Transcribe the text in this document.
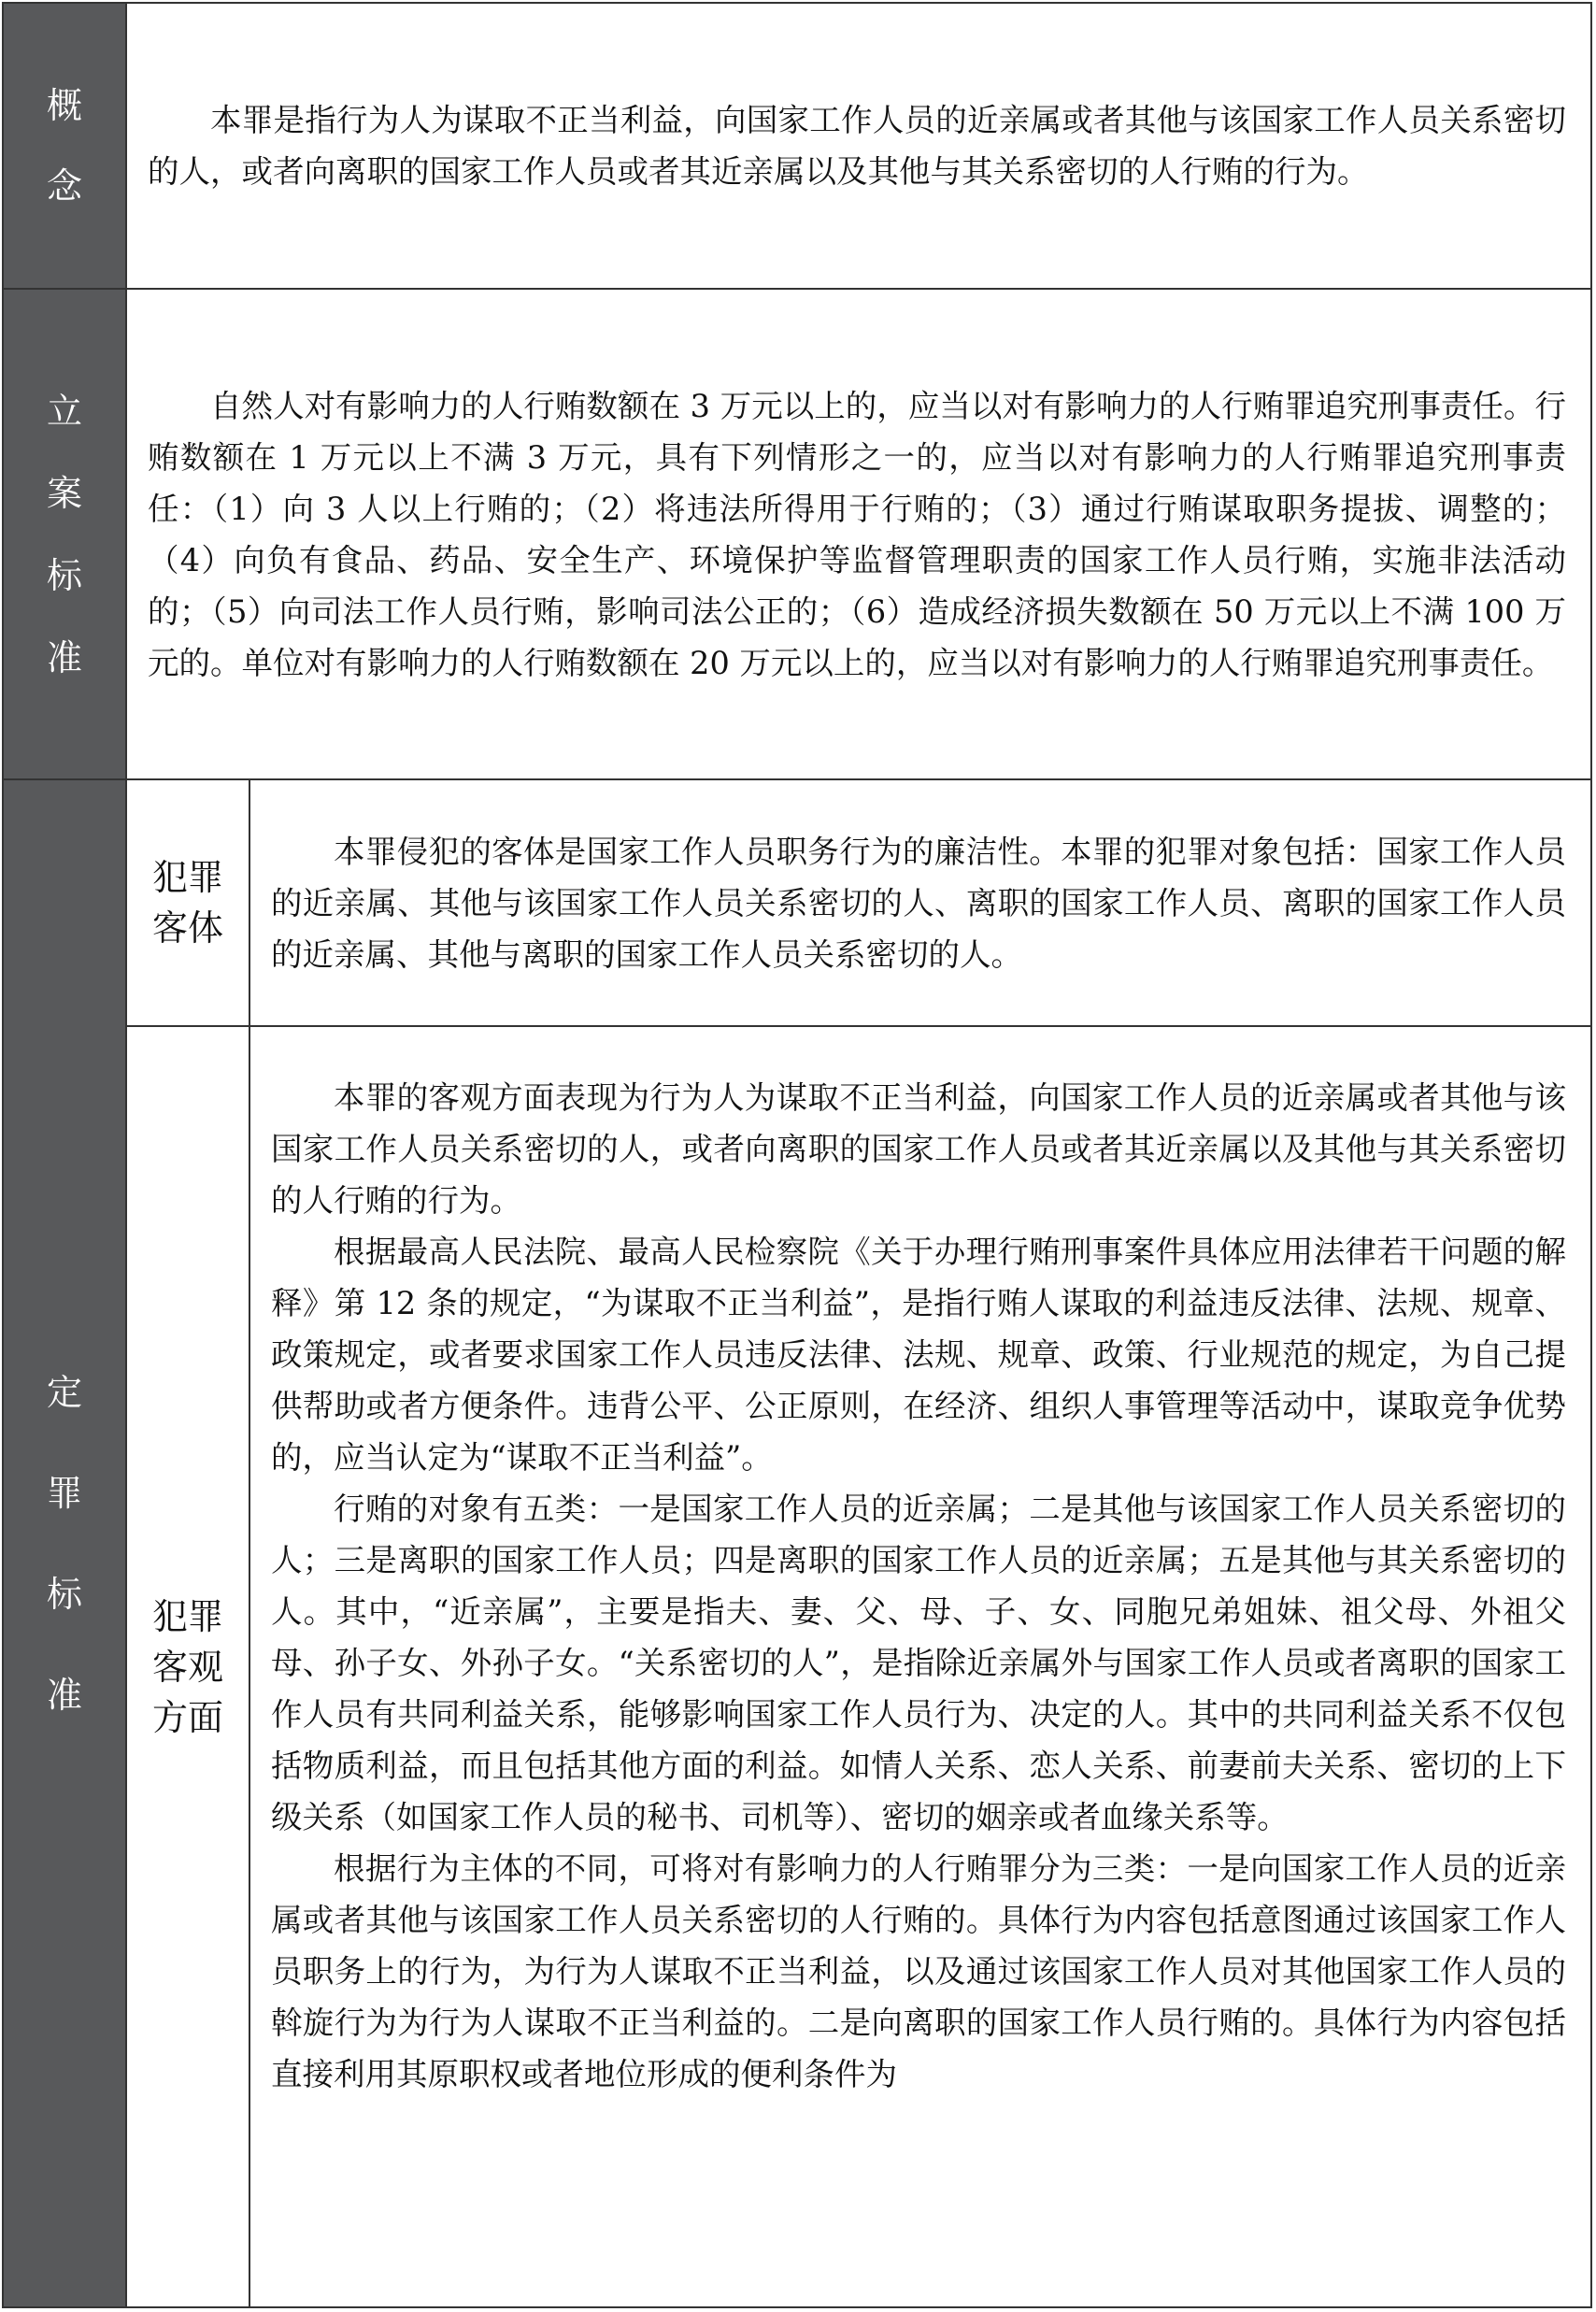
概
念

本罪是指行为人为谋取不正当利益，向国家工作人员的近亲属或者其他与该国家工作人员关系密切的人，或者向离职的国家工作人员或者其近亲属以及其他与其关系密切的人行贿的行为。

立
案
标
准

自然人对有影响力的人行贿数额在 3 万元以上的，应当以对有影响力的人行贿罪追究刑事责任。行贿数额在 1 万元以上不满 3 万元，具有下列情形之一的，应当以对有影响力的人行贿罪追究刑事责任：（1）向 3 人以上行贿的；（2）将违法所得用于行贿的；（3）通过行贿谋取职务提拔、调整的；（4）向负有食品、药品、安全生产、环境保护等监督管理职责的国家工作人员行贿，实施非法活动的；（5）向司法工作人员行贿，影响司法公正的；（6）造成经济损失数额在 50 万元以上不满 100 万元的。单位对有影响力的人行贿数额在 20 万元以上的，应当以对有影响力的人行贿罪追究刑事责任。

定
罪
标
准
犯罪
客体

本罪侵犯的客体是国家工作人员职务行为的廉洁性。本罪的犯罪对象包括：国家工作人员的近亲属、其他与该国家工作人员关系密切的人、离职的国家工作人员、离职的国家工作人员的近亲属、其他与离职的国家工作人员关系密切的人。

犯罪
客观
方面

本罪的客观方面表现为行为人为谋取不正当利益，向国家工作人员的近亲属或者其他与该国家工作人员关系密切的人，或者向离职的国家工作人员或者其近亲属以及其他与其关系密切的人行贿的行为。

根据最高人民法院、最高人民检察院《关于办理行贿刑事案件具体应用法律若干问题的解释》第 12 条的规定，“为谋取不正当利益”，是指行贿人谋取的利益违反法律、法规、规章、政策规定，或者要求国家工作人员违反法律、法规、规章、政策、行业规范的规定，为自己提供帮助或者方便条件。违背公平、公正原则，在经济、组织人事管理等活动中，谋取竞争优势的，应当认定为“谋取不正当利益”。

行贿的对象有五类：一是国家工作人员的近亲属；二是其他与该国家工作人员关系密切的人；三是离职的国家工作人员；四是离职的国家工作人员的近亲属；五是其他与其关系密切的人。其中，“近亲属”，主要是指夫、妻、父、母、子、女、同胞兄弟姐妹、祖父母、外祖父母、孙子女、外孙子女。“关系密切的人”，是指除近亲属外与国家工作人员或者离职的国家工作人员有共同利益关系，能够影响国家工作人员行为、决定的人。其中的共同利益关系不仅包括物质利益，而且包括其他方面的利益。如情人关系、恋人关系、前妻前夫关系、密切的上下级关系（如国家工作人员的秘书、司机等）、密切的姻亲或者血缘关系等。

根据行为主体的不同，可将对有影响力的人行贿罪分为三类：一是向国家工作人员的近亲属或者其他与该国家工作人员关系密切的人行贿的。具体行为内容包括意图通过该国家工作人员职务上的行为，为行为人谋取不正当利益，以及通过该国家工作人员对其他国家工作人员的斡旋行为为行为人谋取不正当利益的。二是向离职的国家工作人员行贿的。具体行为内容包括直接利用其原职权或者地位形成的便利条件为
